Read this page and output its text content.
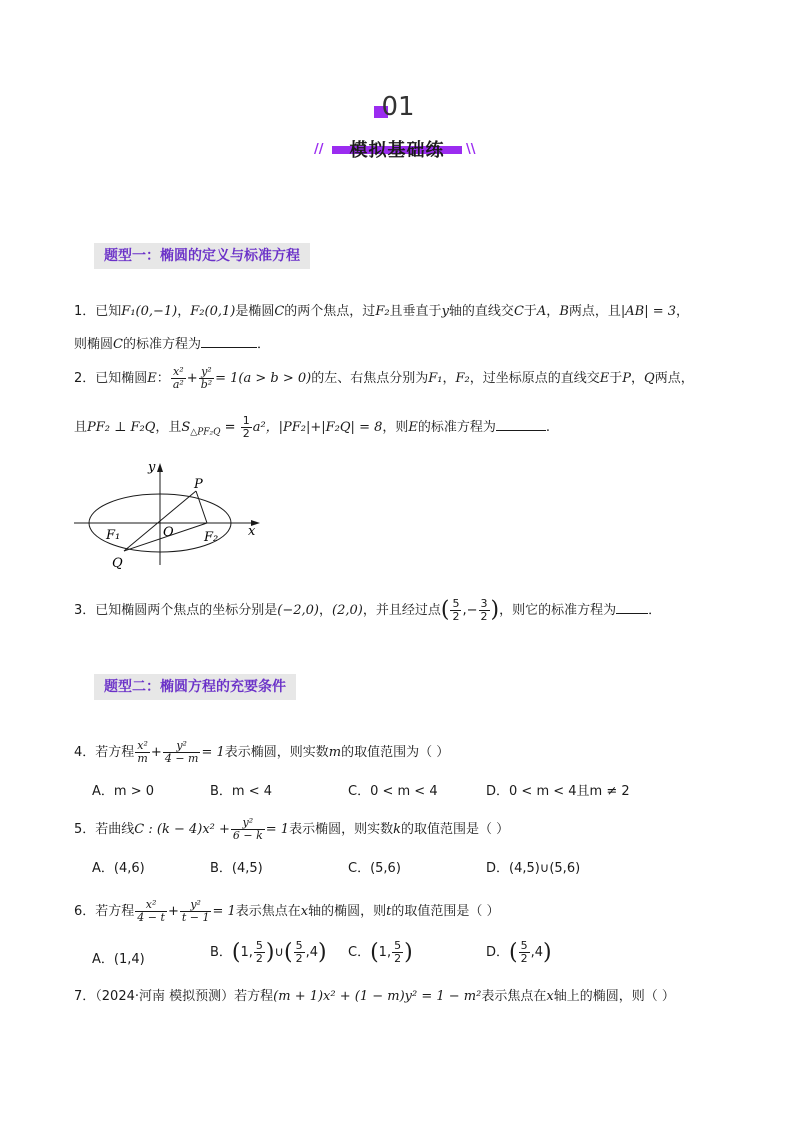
01
模拟基础练
//	\\
题型一：椭圆的定义与标准方程
1．已知F₁(0,−1)，F₂(0,1)是椭圆C的两个焦点，过F₂且垂直于y轴的直线交C于A，B两点，且|AB| = 3，
则椭圆C的标准方程为	．
2．已知椭圆E： $\frac{\text{x²}}{\text{a²}} + \frac{\text{y²}}{\text{b²}} = 1(a > b > 0)$的左、右焦点分别为F₁，F₂，过坐标原点的直线交E于P，Q两点，
且PF₂ ⊥ F₂Q，且$S_{\triangle PF_2Q} = \frac{1}{2} a^2$，|PF₂|+|F₂Q| = 8，则E的标准方程为	.
y
x
P
O
F₁	F₂
Q
3．已知椭圆两个焦点的坐标分别是(−2,0)，(2,0)，并且经过点( $\frac{5}{2}$ ,− $\frac{3}{2}$ )，则它的标准方程为 ．
题型二：椭圆方程的充要条件
4．若方程 $\frac{\text{x²}}{m} + \frac{\text{y²}}{4 - m} = 1$表示椭圆，则实数m的取值范围为（ ）
A．m > 0	B．m < 4	C．0 < m < 4	D．0 < m < 4且m ≠ 2
5．若曲线C : $(k - 4)x^2 + \frac{\text{y²}}{6 - k} = 1$表示椭圆，则实数k的取值范围是（ ）
A．(4,6)	B．(4,5)	C．(5,6)	D．(4,5)∪(5,6)
6．若方程 $\frac{\text{x²}}{4 - t} + \frac{\text{y²}}{t - 1} = 1$表示焦点在x轴的椭圆，则t的取值范围是（ ）
A．(1,4)	B．(1, $\frac{5}{2}$ )∪( $\frac{5}{2} ,4$) C．(1, $\frac{5}{2}$ )	D．( $\frac{5}{2} ,4$)
7．（2024·河南 模拟预测）若方程(m + 1)x² + (1 − m)y² = 1 − m²表示焦点在x轴上的椭圆，则（ ）
